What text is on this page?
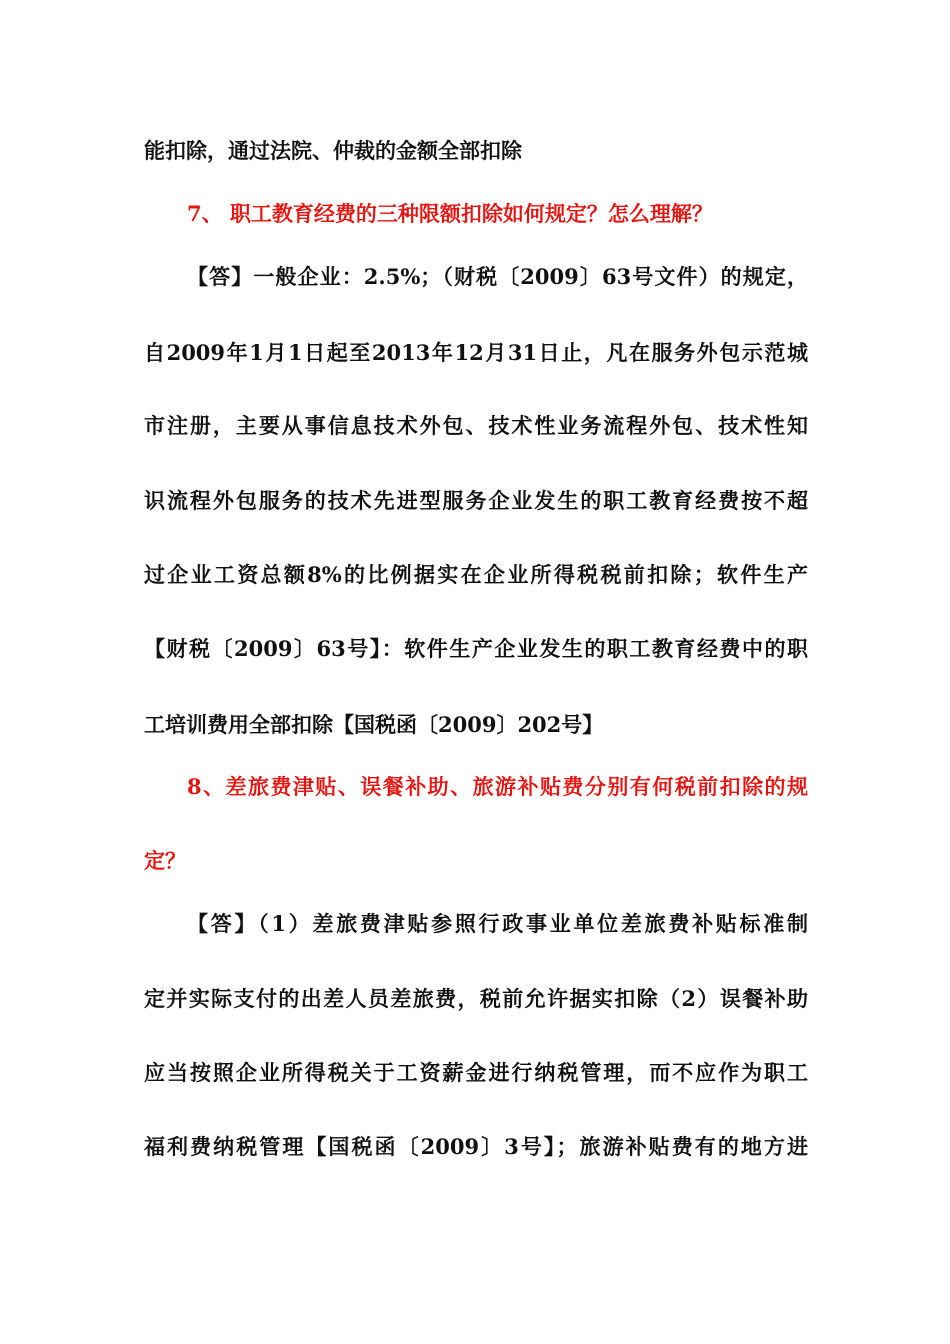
能扣除，通过法院、仲裁的金额全部扣除
7、 职工教育经费的三种限额扣除如何规定？怎么理解？
【答】一般企业：2.5%；（财税〔2009〕63号文件）的规定，
自2009年1月1日起至2013年12月31日止，凡在服务外包示范城
市注册，主要从事信息技术外包、技术性业务流程外包、技术性知
识流程外包服务的技术先进型服务企业发生的职工教育经费按不超
过企业工资总额8%的比例据实在企业所得税税前扣除；软件生产
【财税〔2009〕63号】：软件生产企业发生的职工教育经费中的职
工培训费用全部扣除【国税函〔2009〕202号】
8、差旅费津贴、误餐补助、旅游补贴费分别有何税前扣除的规
定？
【答】（1）差旅费津贴参照行政事业单位差旅费补贴标准制
定并实际支付的出差人员差旅费，税前允许据实扣除（2）误餐补助
应当按照企业所得税关于工资薪金进行纳税管理，而不应作为职工
福利费纳税管理【国税函〔2009〕3号】；旅游补贴费有的地方进
